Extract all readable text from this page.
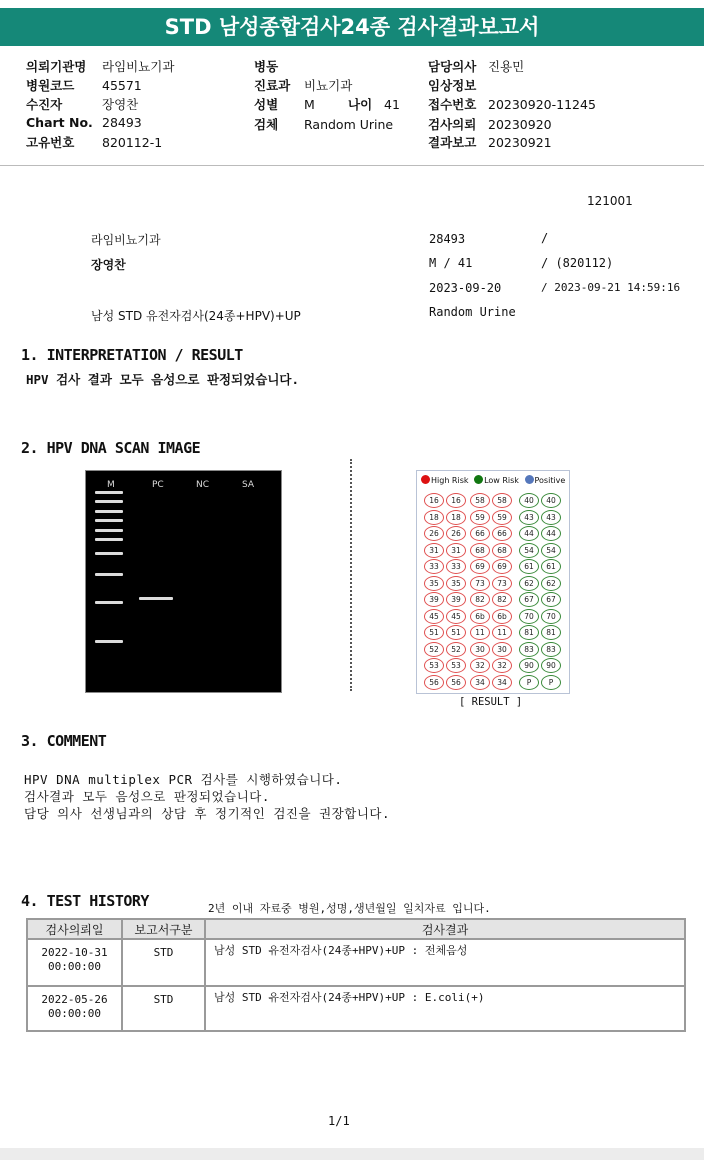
STD 남성종합검사24종 검사결과보고서
의뢰기관명 라임비뇨기과
병원코드 45571
수진자	장영찬
Chart No. 28493
고유번호 820112-1
병동
진료과 비뇨기과
성별 M	나이 41
검체 Random Urine
담당의사 진용민
임상정보
접수번호 20230920-11245
검사의뢰 20230920
결과보고 20230921
121001
라임비뇨기과
장영찬
남성 STD 유전자검사(24종+HPV)+UP
28493	/
M / 41	/ (820112)
2023-09-20	/ 2023-09-21 14:59:16
Random Urine
1. INTERPRETATION / RESULT
HPV 검사 결과 모두 음성으로 판정되었습니다.
2. HPV DNA SCAN IMAGE
M	PC	NC	SA	High Risk Low Risk Positive
16	16
18	18
26	26
31	31
33	33
35	35
39	39
45	45
51	51
52	52
53	53
56	56
58	58
59	59
66	66
68	68
69	69
73	73
82	82
6b	6b
11	11
30	30
32	32
34	34
40	40
43	43
44	44
54	54
61	61
62	62
67	67
70	70
81	81
83	83
90	90
P	P
[ RESULT ]
3. COMMENT
HPV DNA multiplex PCR 검사를 시행하였습니다.
검사결과 모두 음성으로 판정되었습니다.
담당 의사 선생님과의 상담 후 정기적인 검진을 권장합니다.
4. TEST HISTORY	2년 이내 자료중 병원,성명,생년월일 일치자료 입니다.
검사의뢰일	보고서구분	검사결과

2022-10-31
00:00:00	STD	남성 STD 유전자검사(24종+HPV)+UP : 전체음성

2022-05-26
00:00:00	STD	남성 STD 유전자검사(24종+HPV)+UP : E.coli(+)
1/1
